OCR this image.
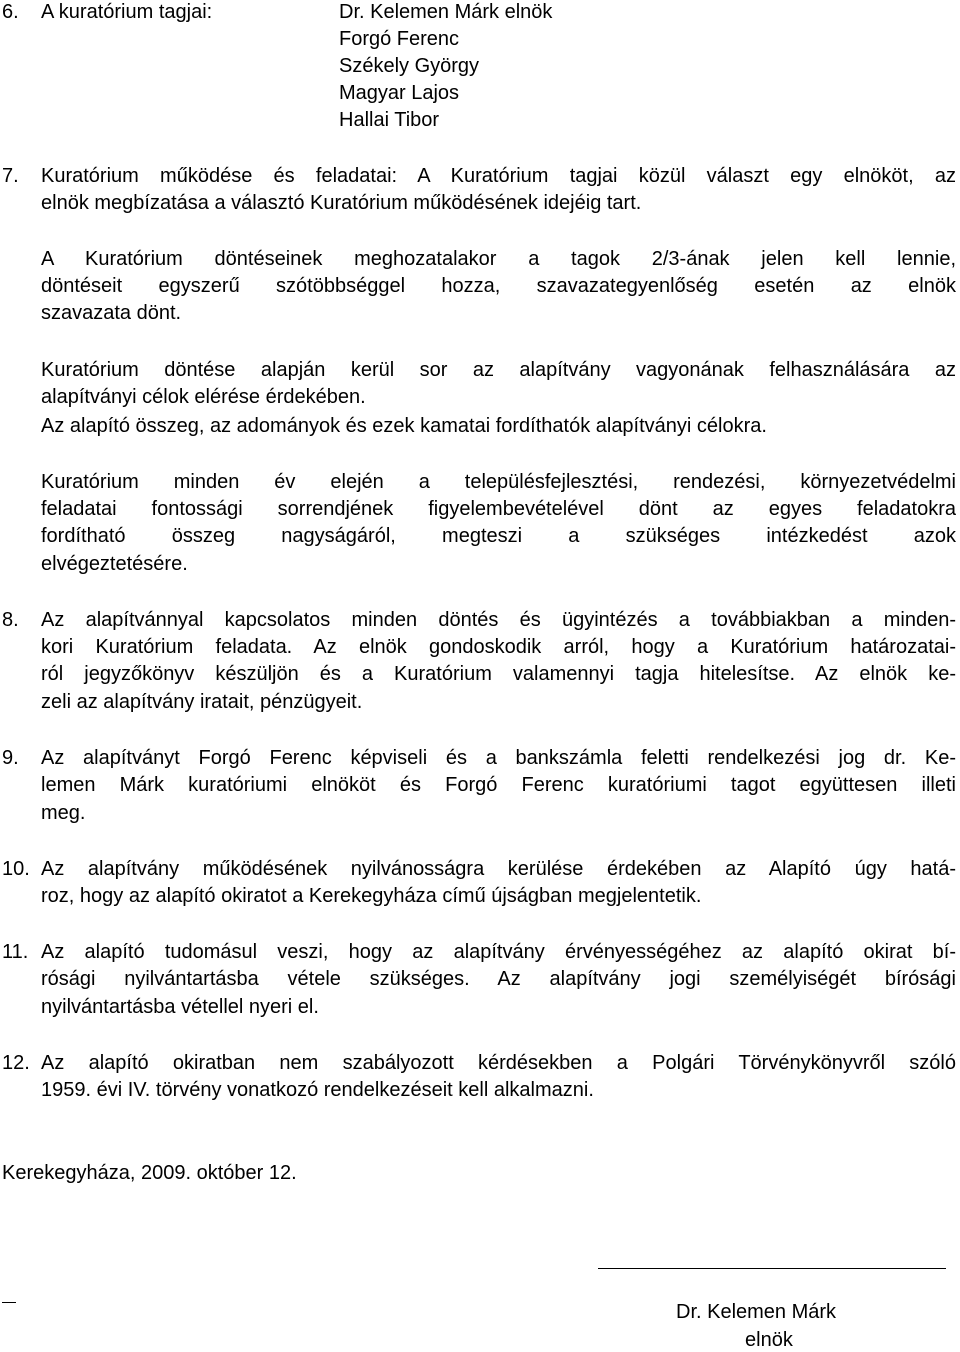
6. A kuratórium tagjai:	Dr. Kelemen Márk elnök
Forgó Ferenc
Székely György
Magyar Lajos
Hallai Tibor
7. Kuratórium működése és feladatai: A Kuratórium tagjai közül választ egy elnököt, az
elnök megbízatása a választó Kuratórium működésének idejéig tart.
A Kuratórium döntéseinek meghozatalakor a tagok 2/3-ának jelen kell lennie,
döntéseit egyszerű szótöbbséggel hozza, szavazategyenlőség esetén az elnök
szavazata dönt.
Kuratórium döntése alapján kerül sor az alapítvány vagyonának felhasználására az
alapítványi célok elérése érdekében.
Az alapító összeg, az adományok és ezek kamatai fordíthatók alapítványi célokra.
Kuratórium minden év elején a településfejlesztési, rendezési, környezetvédelmi
feladatai fontossági sorrendjének figyelembevételével dönt az egyes feladatokra
fordítható összeg nagyságáról, megteszi a szükséges intézkedést azok
elvégeztetésére.
8. Az alapítvánnyal kapcsolatos minden döntés és ügyintézés a továbbiakban a minden-
kori Kuratórium feladata. Az elnök gondoskodik arról, hogy a Kuratórium határozatai-
ról jegyzőkönyv készüljön és a Kuratórium valamennyi tagja hitelesítse. Az elnök ke-
zeli az alapítvány iratait, pénzügyeit.
9. Az alapítványt Forgó Ferenc képviseli és a bankszámla feletti rendelkezési jog dr. Ke-
lemen Márk kuratóriumi elnököt és Forgó Ferenc kuratóriumi tagot együttesen illeti
meg.
10. Az alapítvány működésének nyilvánosságra kerülése érdekében az Alapító úgy hatá-
roz, hogy az alapító okiratot a Kerekegyháza című újságban megjelentetik.
11. Az alapító tudomásul veszi, hogy az alapítvány érvényességéhez az alapító okirat bí-
rósági nyilvántartásba vétele szükséges. Az alapítvány jogi személyiségét bírósági
nyilvántartásba vétellel nyeri el.
12. Az alapító okiratban nem szabályozott kérdésekben a Polgári Törvénykönyvről szóló
1959. évi IV. törvény vonatkozó rendelkezéseit kell alkalmazni.
Kerekegyháza, 2009. október 12.
Dr. Kelemen Márk
elnök
